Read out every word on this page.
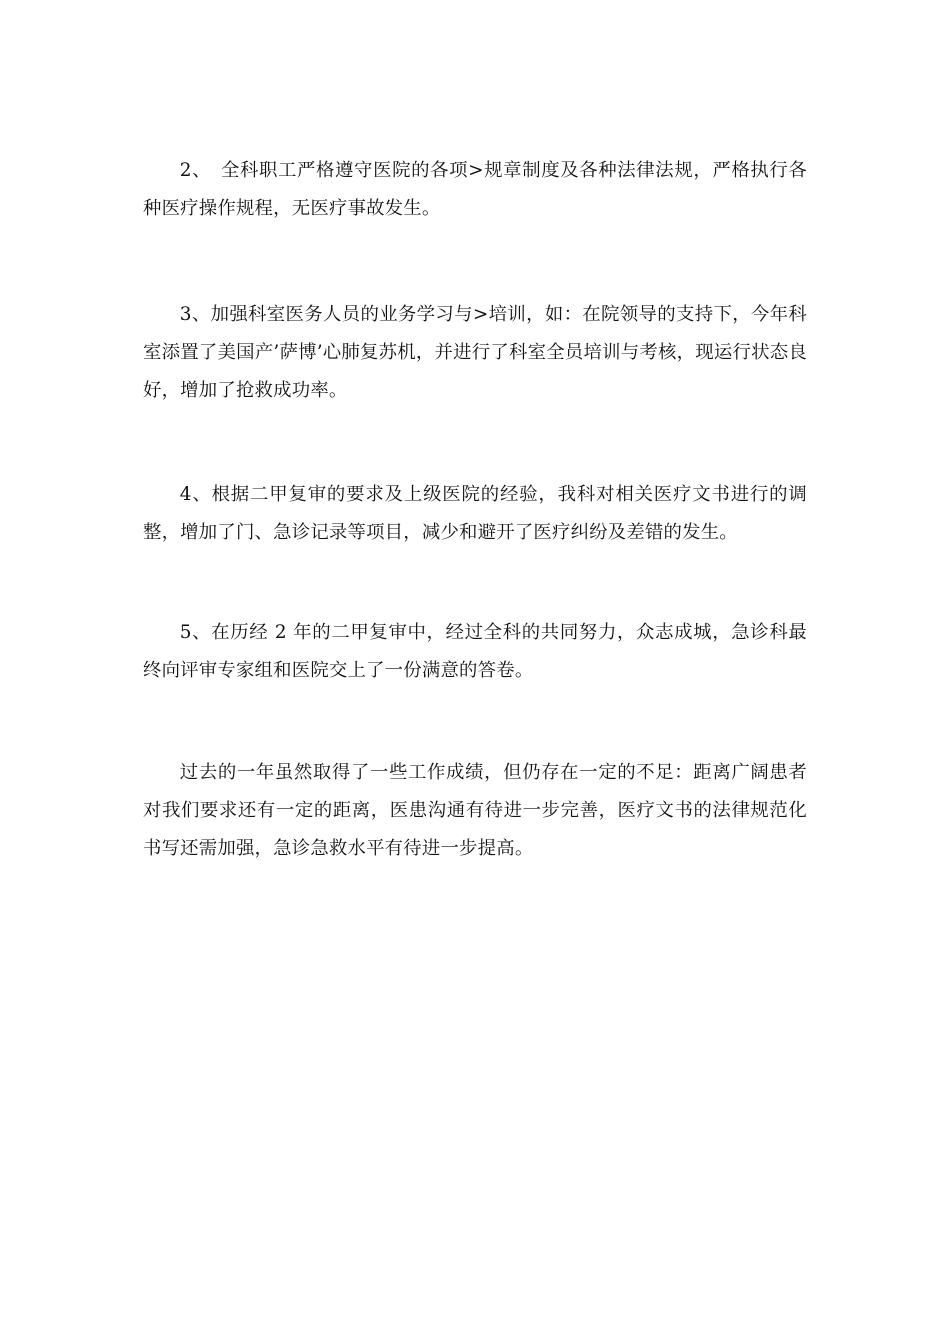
2、　全科职工严格遵守医院的各项>规章制度及各种法律法规，严格执行各种医疗操作规程，无医疗事故发生。

3、加强科室医务人员的业务学习与>培训，如：在院领导的支持下，今年科室添置了美国产’萨博’心肺复苏机，并进行了科室全员培训与考核，现运行状态良好，增加了抢救成功率。

4、根据二甲复审的要求及上级医院的经验，我科对相关医疗文书进行的调整，增加了门、急诊记录等项目，减少和避开了医疗纠纷及差错的发生。

5、在历经 2 年的二甲复审中，经过全科的共同努力，众志成城，急诊科最终向评审专家组和医院交上了一份满意的答卷。

过去的一年虽然取得了一些工作成绩，但仍存在一定的不足：距离广阔患者对我们要求还有一定的距离，医患沟通有待进一步完善，医疗文书的法律规范化书写还需加强，急诊急救水平有待进一步提高。
